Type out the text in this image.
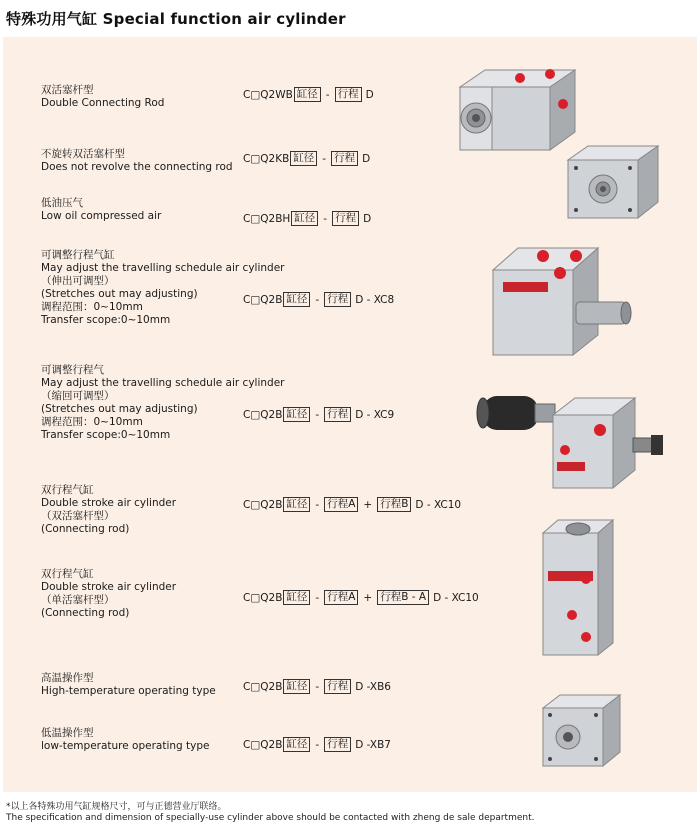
特殊功用气缸 Special function air cylinder
双活塞杆型
Double Connecting Rod
C□Q2WB 缸径 - 行程 D
不旋转双活塞杆型
Does not revolve the connecting rod
C□Q2KB 缸径 - 行程 D
低油压气
Low oil compressed air	C□Q2BH 缸径 - 行程 D
可调整行程气缸
May adjust the travelling schedule air cylinder
（伸出可调型）
(Stretches out may adjusting)
调程范围：0~10mm
Transfer scope:0~10mm
C□Q2B 缸径 - 行程 D - XC8
可调整行程气
May adjust the travelling schedule air cylinder
（缩回可调型）
(Stretches out may adjusting)
调程范围：0~10mm
Transfer scope:0~10mm
C□Q2B 缸径 - 行程 D - XC9
双行程气缸
Double stroke air cylinder
（双活塞杆型）
(Connecting rod)
C□Q2B 缸径 - 行程A + 行程B D - XC10
双行程气缸
Double stroke air cylinder
（单活塞杆型）
(Connecting rod)
C□Q2B 缸径 - 行程A + 行程B - A D - XC10
高温操作型
High-temperature operating type	C□Q2B 缸径 - 行程 D -XB6
低温操作型
low-temperature operating type	C□Q2B 缸径 - 行程 D -XB7
*以上各特殊功用气缸规格尺寸，可与正德营业厅联络。
The specification and dimension of specially-use cylinder above should be contacted with zheng de sale department.
